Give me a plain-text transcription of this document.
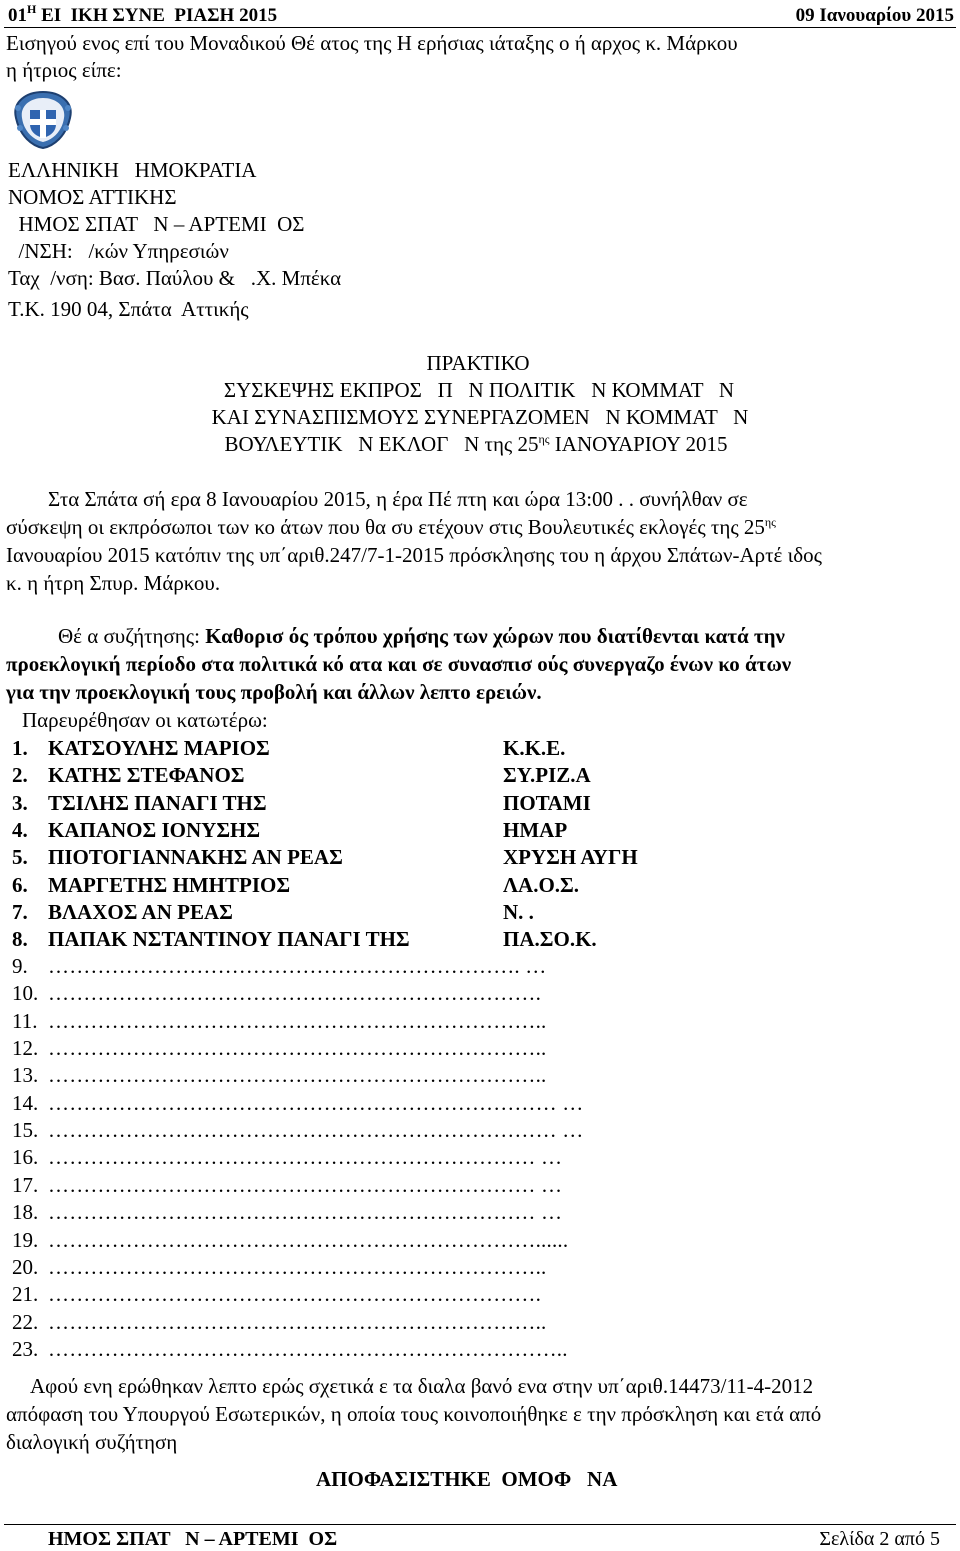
$01^H$ ΕΙ  ΙΚΗ ΣΥΝΕ  ΡΙΑΣΗ 2015	09 Ιανουαρίου 2015
Εισηγού ενος επί του Μοναδικού Θέ ατος της Η ερήσιας ιάταξης ο ή αρχος κ. Μάρκου
η ήτριος είπε:
ΕΛΛΗΝΙΚΗ   ΗΜΟΚΡΑΤΙΑ
ΝΟΜΟΣ ΑΤΤΙΚΗΣ
ΗΜΟΣ ΣΠΑΤ   Ν – ΑΡΤΕΜΙ  ΟΣ
/ΝΣΗ:   /κών Υπηρεσιών
Ταχ  /νση: Βασ. Παύλου &   .Χ. Μπέκα
Τ.Κ. 190 04, Σπάτα  Αττικής
ΠΡΑΚΤΙΚΟ
ΣΥΣΚΕΨΗΣ ΕΚΠΡΟΣ   Π   Ν ΠΟΛΙΤΙΚ   Ν ΚΟΜΜΑΤ   Ν
ΚΑΙ ΣΥΝΑΣΠΙΣΜΟΥΣ ΣΥΝΕΡΓΑΖΟΜΕΝ   Ν ΚΟΜΜΑΤ   Ν
ΒΟΥΛΕΥΤΙΚ   Ν ΕΚΛΟΓ   Ν της $25^{\eta\varsigma}$ ΙΑΝΟΥΑΡΙΟΥ 2015
Στα Σπάτα σή ερα 8 Ιανουαρίου 2015, η έρα Πέ πτη και ώρα 13:00 . . συνήλθαν σε
σύσκεψη οι εκπρόσωποι των κο άτων που θα συ ετέχουν στις Βουλευτικές εκλογές της $25^{\eta\varsigma}$
Ιανουαρίου 2015 κατόπιν της υπ΄αριθ.247/7-1-2015 πρόσκλησης του η άρχου Σπάτων-Αρτέ ιδος
κ. η ήτρη Σπυρ. Μάρκου.
Θέ α συζήτησης: Καθορισ ός τρόπου χρήσης των χώρων που διατίθενται κατά την
προεκλογική περίοδο στα πολιτικά κό ατα και σε συνασπισ ούς συνεργαζο ένων κο άτων
για την προεκλογική τους προβολή και άλλων λεπτο ερειών.
Παρευρέθησαν οι κατωτέρω:
1. ΚΑΤΣΟΥΛΗΣ ΜΑΡΙΟΣ	Κ.Κ.Ε.
2. ΚΑΤΗΣ ΣΤΕΦΑΝΟΣ	ΣΥ.ΡΙΖ.Α
3. ΤΣΙΛΗΣ ΠΑΝΑΓΙ ΤΗΣ	ΠΟΤΑΜΙ
4. ΚΑΠΑΝΟΣ ΙΟΝΥΣΗΣ	ΗΜΑΡ
5. ΠΙΟΤΟΓΙΑΝΝΑΚΗΣ ΑΝ ΡΕΑΣ	ΧΡΥΣΗ ΑΥΓΗ
6. ΜΑΡΓΕΤΗΣ ΗΜΗΤΡΙΟΣ	ΛΑ.Ο.Σ.
7. ΒΛΑΧΟΣ ΑΝ ΡΕΑΣ	Ν. .
8. ΠΑΠΑΚ ΝΣΤΑΝΤΙΝΟΥ ΠΑΝΑΓΙ ΤΗΣ	ΠΑ.ΣΟ.Κ.
9. …………………………………………………………. …
10. …………………………………………………………….
11. ……………………………………………………………..
12. ……………………………………………………………..
13. ……………………………………………………………..
14. ……………………………………………………………… …
15. ……………………………………………………………… …
16. …………………………………………………………… …
17. …………………………………………………………… …
18. …………………………………………………………… …
19. ……………………………………………………………......
20. ……………………………………………………………..
21. …………………………………………………………….
22. ……………………………………………………………..
23. ………………………………………………………………..
Αφού ενη ερώθηκαν λεπτο ερώς σχετικά ε τα διαλα βανό ενα στην υπ΄αριθ.14473/11-4-2012
απόφαση του Υπουργού Εσωτερικών, η οποία τους κοινοποιήθηκε ε την πρόσκληση και ετά από
διαλογική συζήτηση
ΑΠΟΦΑΣΙΣΤΗΚΕ  ΟΜΟΦ   ΝΑ
ΗΜΟΣ ΣΠΑΤ   Ν – ΑΡΤΕΜΙ  ΟΣ	Σελίδα 2 από 5
